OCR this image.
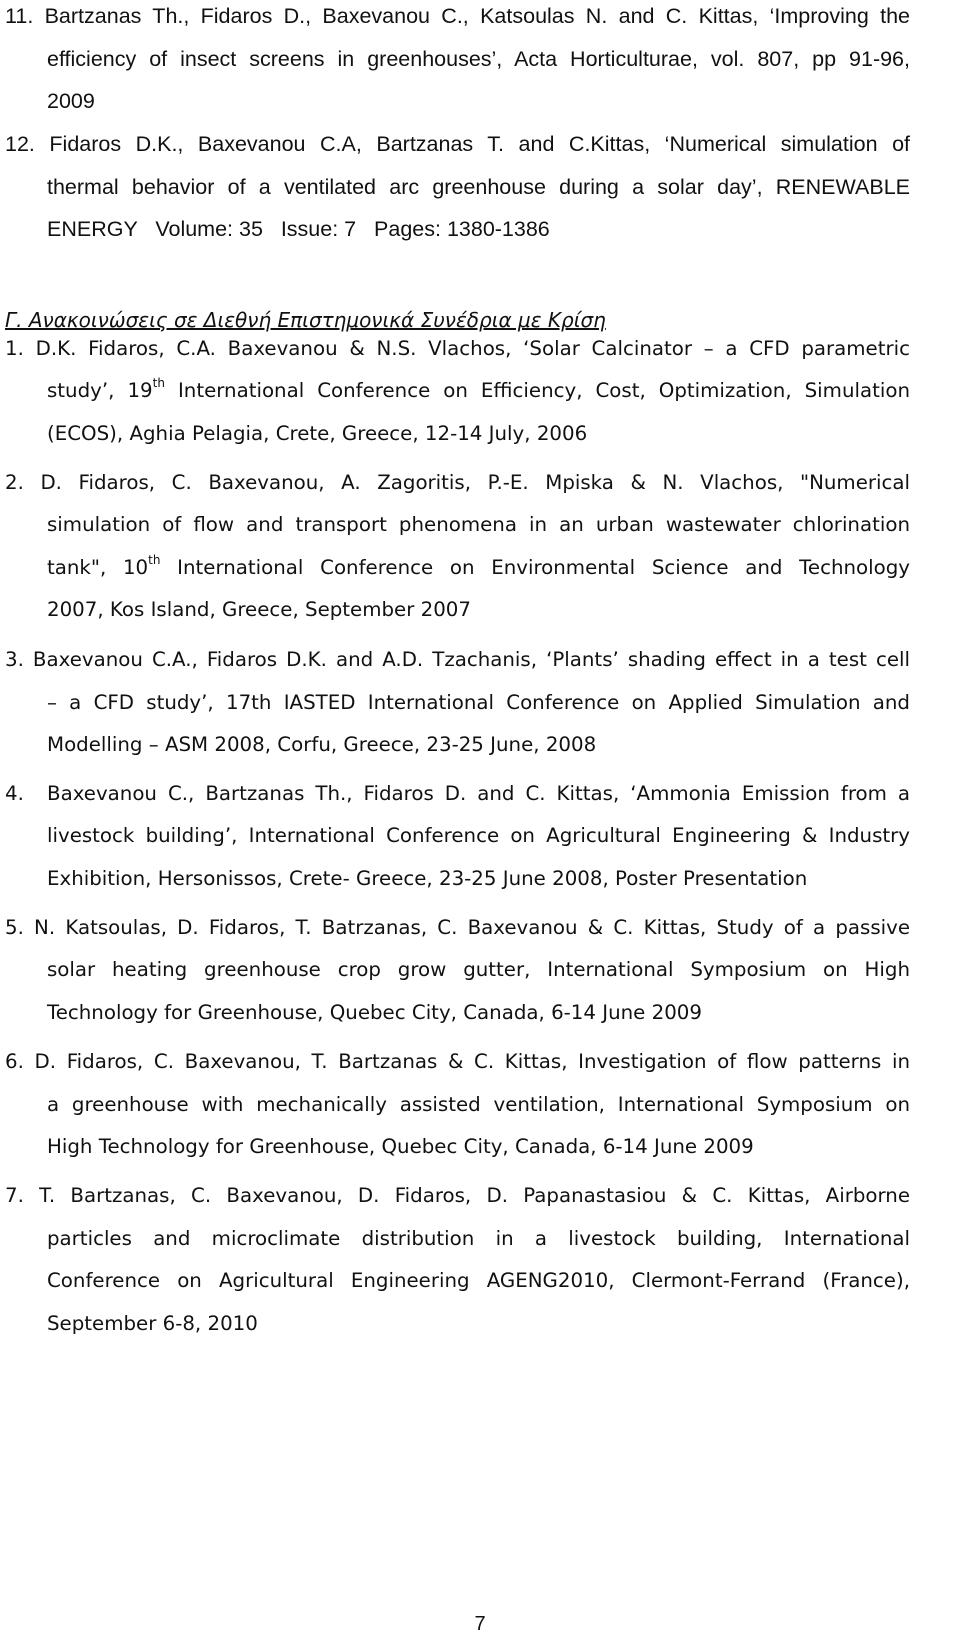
11. Bartzanas Th., Fidaros D., Baxevanou C., Katsoulas N. and C. Kittas, ‘Improving the
efficiency of insect screens in greenhouses’, Acta Horticulturae, vol. 807, pp 91-96,
2009
12. Fidaros D.K., Baxevanou C.A, Bartzanas T. and C.Kittas, ‘Numerical simulation of
thermal behavior of a ventilated arc greenhouse during a solar day’, RENEWABLE
ENERGY   Volume: 35   Issue: 7   Pages: 1380-1386
Γ. Ανακοινώσεις σε Διεθνή Επιστημονικά Συνέδρια με Κρίση
1. D.K. Fidaros, C.A. Baxevanou & N.S. Vlachos, ‘Solar Calcinator – a CFD parametric
study’, 19th International Conference on Efficiency, Cost, Optimization, Simulation
(ECOS), Aghia Pelagia, Crete, Greece, 12-14 July, 2006
2. D. Fidaros, C. Baxevanou, A. Zagoritis, P.-E. Mpiska & N. Vlachos, "Numerical
simulation of flow and transport phenomena in an urban wastewater chlorination
tank", 10th International Conference on Environmental Science and Technology
2007, Kos Island, Greece, September 2007
3. Baxevanou C.A., Fidaros D.K. and A.D. Tzachanis, ‘Plants’ shading effect in a test cell
– a CFD study’, 17th IASTED International Conference on Applied Simulation and
Modelling – ASM 2008, Corfu, Greece, 23-25 June, 2008
4. Baxevanou C., Bartzanas Th., Fidaros D. and C. Kittas, ‘Ammonia Emission from a
livestock building’, International Conference on Agricultural Engineering & Industry
Exhibition, Hersonissos, Crete- Greece, 23-25 June 2008, Poster Presentation
5. N. Katsoulas, D. Fidaros, T. Batrzanas, C. Baxevanou & C. Kittas, Study of a passive
solar heating greenhouse crop grow gutter, International Symposium on High
Technology for Greenhouse, Quebec City, Canada, 6-14 June 2009
6. D. Fidaros, C. Baxevanou, T. Bartzanas & C. Kittas, Investigation of flow patterns in
a greenhouse with mechanically assisted ventilation, International Symposium on
High Technology for Greenhouse, Quebec City, Canada, 6-14 June 2009
7. T. Bartzanas, C. Baxevanou, D. Fidaros, D. Papanastasiou & C. Kittas, Airborne
particles and microclimate distribution in a livestock building, International
Conference on Agricultural Engineering AGENG2010, Clermont-Ferrand (France),
September 6-8, 2010
7
